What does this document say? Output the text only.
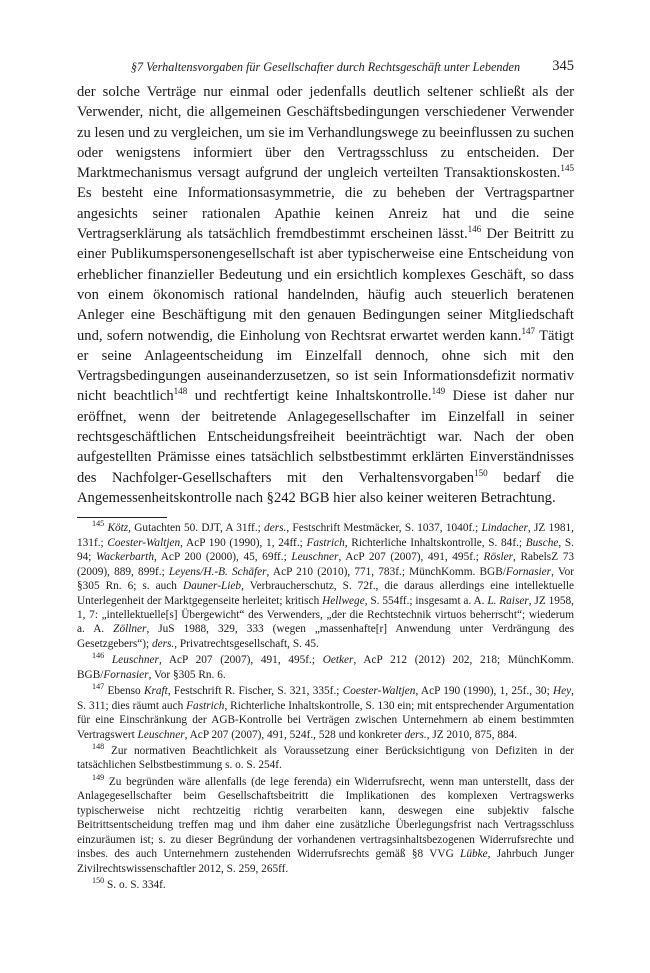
§7 Verhaltensvorgaben für Gesellschafter durch Rechtsgeschäft unter Lebenden 345

der solche Verträge nur einmal oder jedenfalls deutlich seltener schließt als der Verwender, nicht, die allgemeinen Geschäftsbedingungen verschiedener Verwender zu lesen und zu vergleichen, um sie im Verhandlungswege zu beeinflussen zu suchen oder wenigstens informiert über den Vertragsschluss zu entscheiden. Der Marktmechanismus versagt aufgrund der ungleich verteilten Transaktionskosten.$^{145}$ Es besteht eine Informationsasymmetrie, die zu beheben der Vertragspartner angesichts seiner rationalen Apathie keinen Anreiz hat und die seine Vertragserklärung als tatsächlich fremdbestimmt erscheinen lässt.$^{146}$ Der Beitritt zu einer Publikumspersonengesellschaft ist aber typischerweise eine Entscheidung von erheblicher finanzieller Bedeutung und ein ersichtlich komplexes Geschäft, so dass von einem ökonomisch rational handelnden, häufig auch steuerlich beratenen Anleger eine Beschäftigung mit den genauen Bedingungen seiner Mitgliedschaft und, sofern notwendig, die Einholung von Rechtsrat erwartet werden kann.$^{147}$ Tätigt er seine Anlageentscheidung im Einzelfall dennoch, ohne sich mit den Vertragsbedingungen auseinanderzusetzen, so ist sein Informationsdefizit normativ nicht beachtlich$^{148}$ und rechtfertigt keine Inhaltskontrolle.$^{149}$ Diese ist daher nur eröffnet, wenn der beitretende Anlagegesellschafter im Einzelfall in seiner rechtsgeschäftlichen Entscheidungsfreiheit beeinträchtigt war. Nach der oben aufgestellten Prämisse eines tatsächlich selbstbestimmt erklärten Einverständnisses des Nachfolger-Gesellschafters mit den Verhaltensvorgaben$^{150}$ bedarf die Angemessenheitskontrolle nach §242 BGB hier also keiner weiteren Betrachtung.

$^{145}$ Kötz, Gutachten 50. DJT, A 31ff.; ders., Festschrift Mestmäcker, S. 1037, 1040f.; Lindacher, JZ 1981, 131f.; Coester-Waltjen, AcP 190 (1990), 1, 24ff.; Fastrich, Richterliche Inhaltskontrolle, S. 84f.; Busche, S. 94; Wackerbarth, AcP 200 (2000), 45, 69ff.; Leuschner, AcP 207 (2007), 491, 495f.; Rösler, RabelsZ 73 (2009), 889, 899f.; Leyens/H.-B. Schäfer, AcP 210 (2010), 771, 783f.; MünchKomm. BGB/Fornasier, Vor §305 Rn. 6; s. auch Dauner-Lieb, Verbraucherschutz, S. 72f., die daraus allerdings eine intellektuelle Unterlegenheit der Marktgegenseite herleitet; kritisch Hellwege, S. 554ff.; insgesamt a. A. L. Raiser, JZ 1958, 1, 7: „intellektuelle[s] Übergewicht“ des Verwenders, „der die Rechtstechnik virtuos beherrscht“; wiederum a. A. Zöllner, JuS 1988, 329, 333 (wegen „massenhafte[r] Anwendung unter Verdrängung des Gesetzgebers“); ders., Privatrechtsgesellschaft, S. 45.

$^{146}$ Leuschner, AcP 207 (2007), 491, 495f.; Oetker, AcP 212 (2012) 202, 218; MünchKomm. BGB/Fornasier, Vor §305 Rn. 6.

$^{147}$ Ebenso Kraft, Festschrift R. Fischer, S. 321, 335f.; Coester-Waltjen, AcP 190 (1990), 1, 25f., 30; Hey, S. 311; dies räumt auch Fastrich, Richterliche Inhaltskontrolle, S. 130 ein; mit entsprechender Argumentation für eine Einschränkung der AGB-Kontrolle bei Verträgen zwischen Unternehmern ab einem bestimmten Vertragswert Leuschner, AcP 207 (2007), 491, 524f., 528 und konkreter ders., JZ 2010, 875, 884.

$^{148}$ Zur normativen Beachtlichkeit als Voraussetzung einer Berücksichtigung von Defiziten in der tatsächlichen Selbstbestimmung s. o. S. 254f.

$^{149}$ Zu begründen wäre allenfalls (de lege ferenda) ein Widerrufsrecht, wenn man unterstellt, dass der Anlagegesellschafter beim Gesellschaftsbeitritt die Implikationen des komplexen Vertragswerks typischerweise nicht rechtzeitig richtig verarbeiten kann, deswegen eine subjektiv falsche Beitrittsentscheidung treffen mag und ihm daher eine zusätzliche Überlegungsfrist nach Vertragsschluss einzuräumen ist; s. zu dieser Begründung der vorhandenen vertragsinhaltsbezogenen Widerrufsrechte und insbes. des auch Unternehmern zustehenden Widerrufsrechts gemäß §8 VVG Lübke, Jahrbuch Junger Zivilrechtswissenschaftler 2012, S. 259, 265ff.

$^{150}$ S. o. S. 334f.
